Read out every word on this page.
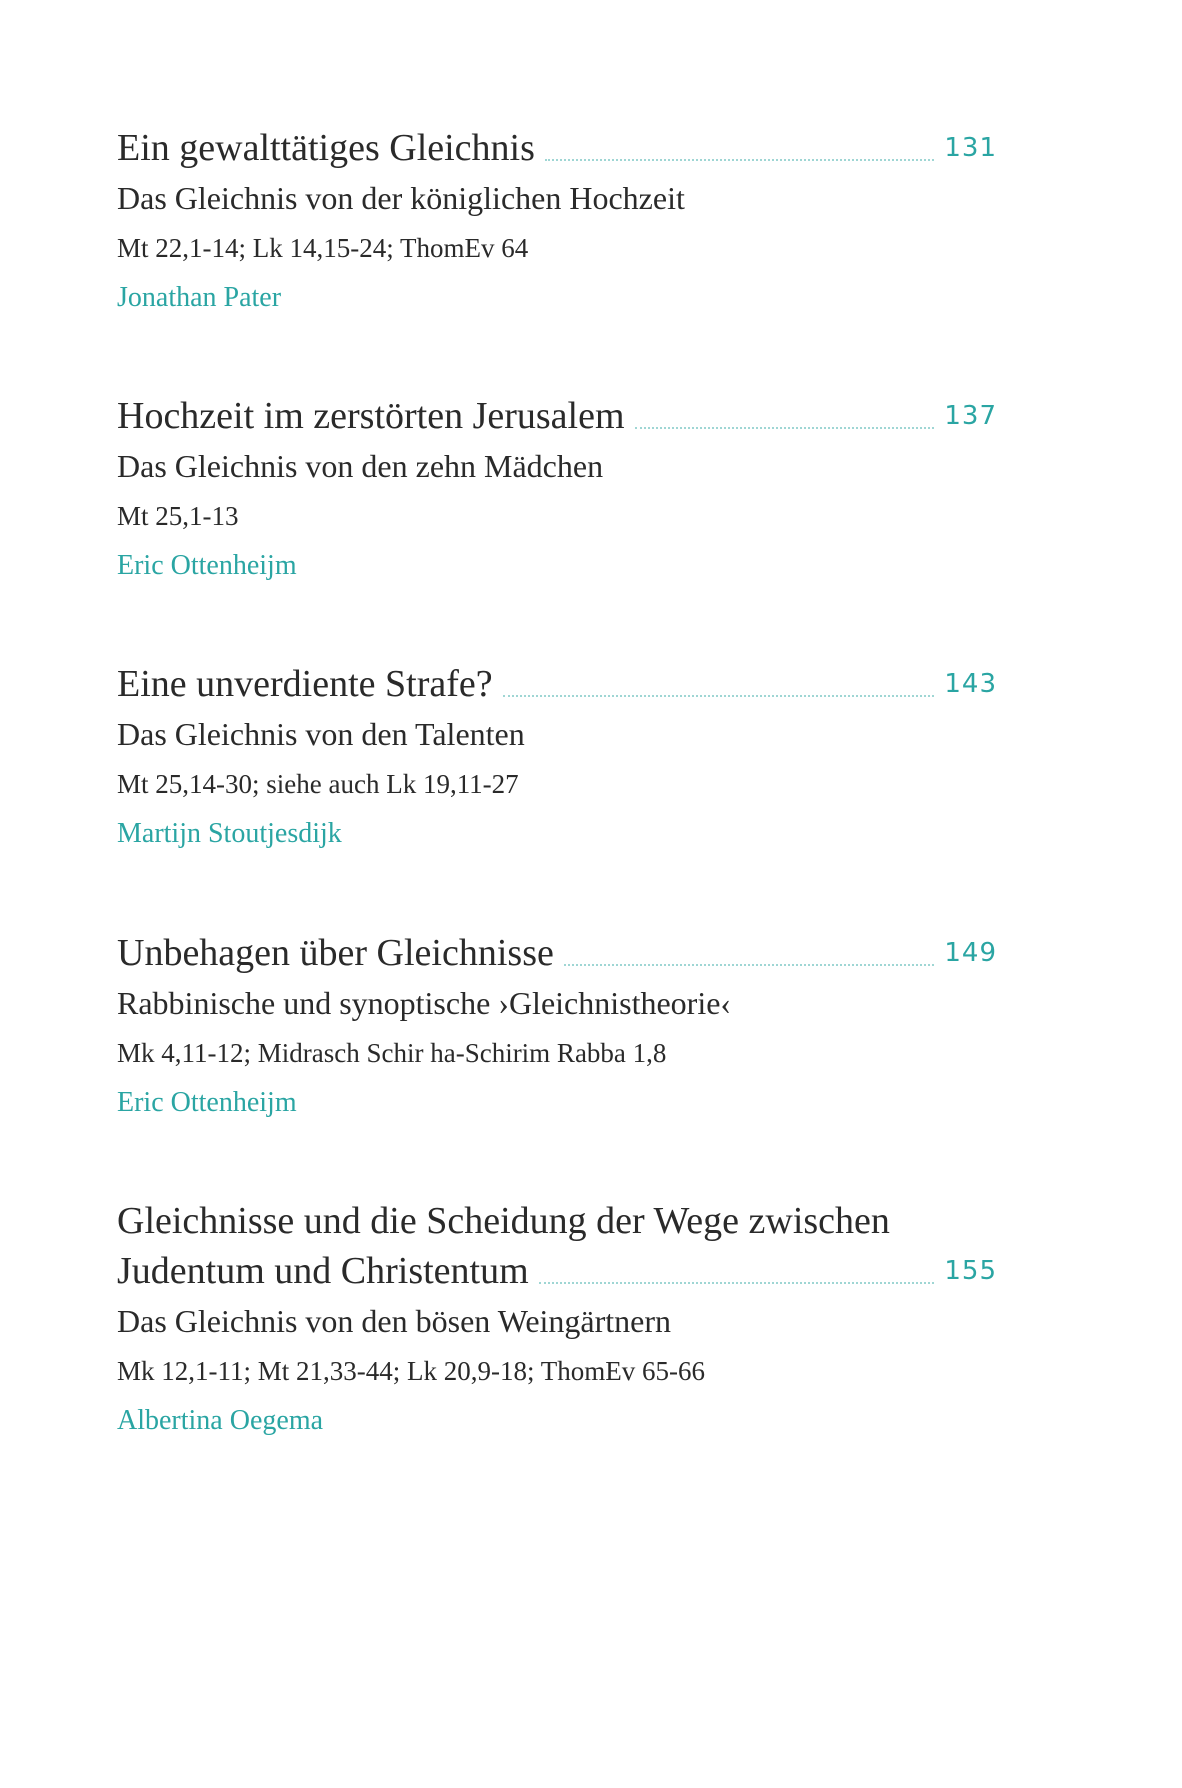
Ein gewalttätiges Gleichnis	131
Das Gleichnis von der königlichen Hochzeit
Mt 22,1-14; Lk 14,15-24; ThomEv 64
Jonathan Pater
Hochzeit im zerstörten Jerusalem	137
Das Gleichnis von den zehn Mädchen
Mt 25,1-13
Eric Ottenheijm
Eine unverdiente Strafe?	143
Das Gleichnis von den Talenten
Mt 25,14-30; siehe auch Lk 19,11-27
Martijn Stoutjesdijk
Unbehagen über Gleichnisse	149
Rabbinische und synoptische ›Gleichnistheorie‹
Mk 4,11-12; Midrasch Schir ha-Schirim Rabba 1,8
Eric Ottenheijm
Gleichnisse und die Scheidung der Wege zwischen
Judentum und Christentum	155
Das Gleichnis von den bösen Weingärtnern
Mk 12,1-11; Mt 21,33-44; Lk 20,9-18; ThomEv 65-66
Albertina Oegema
